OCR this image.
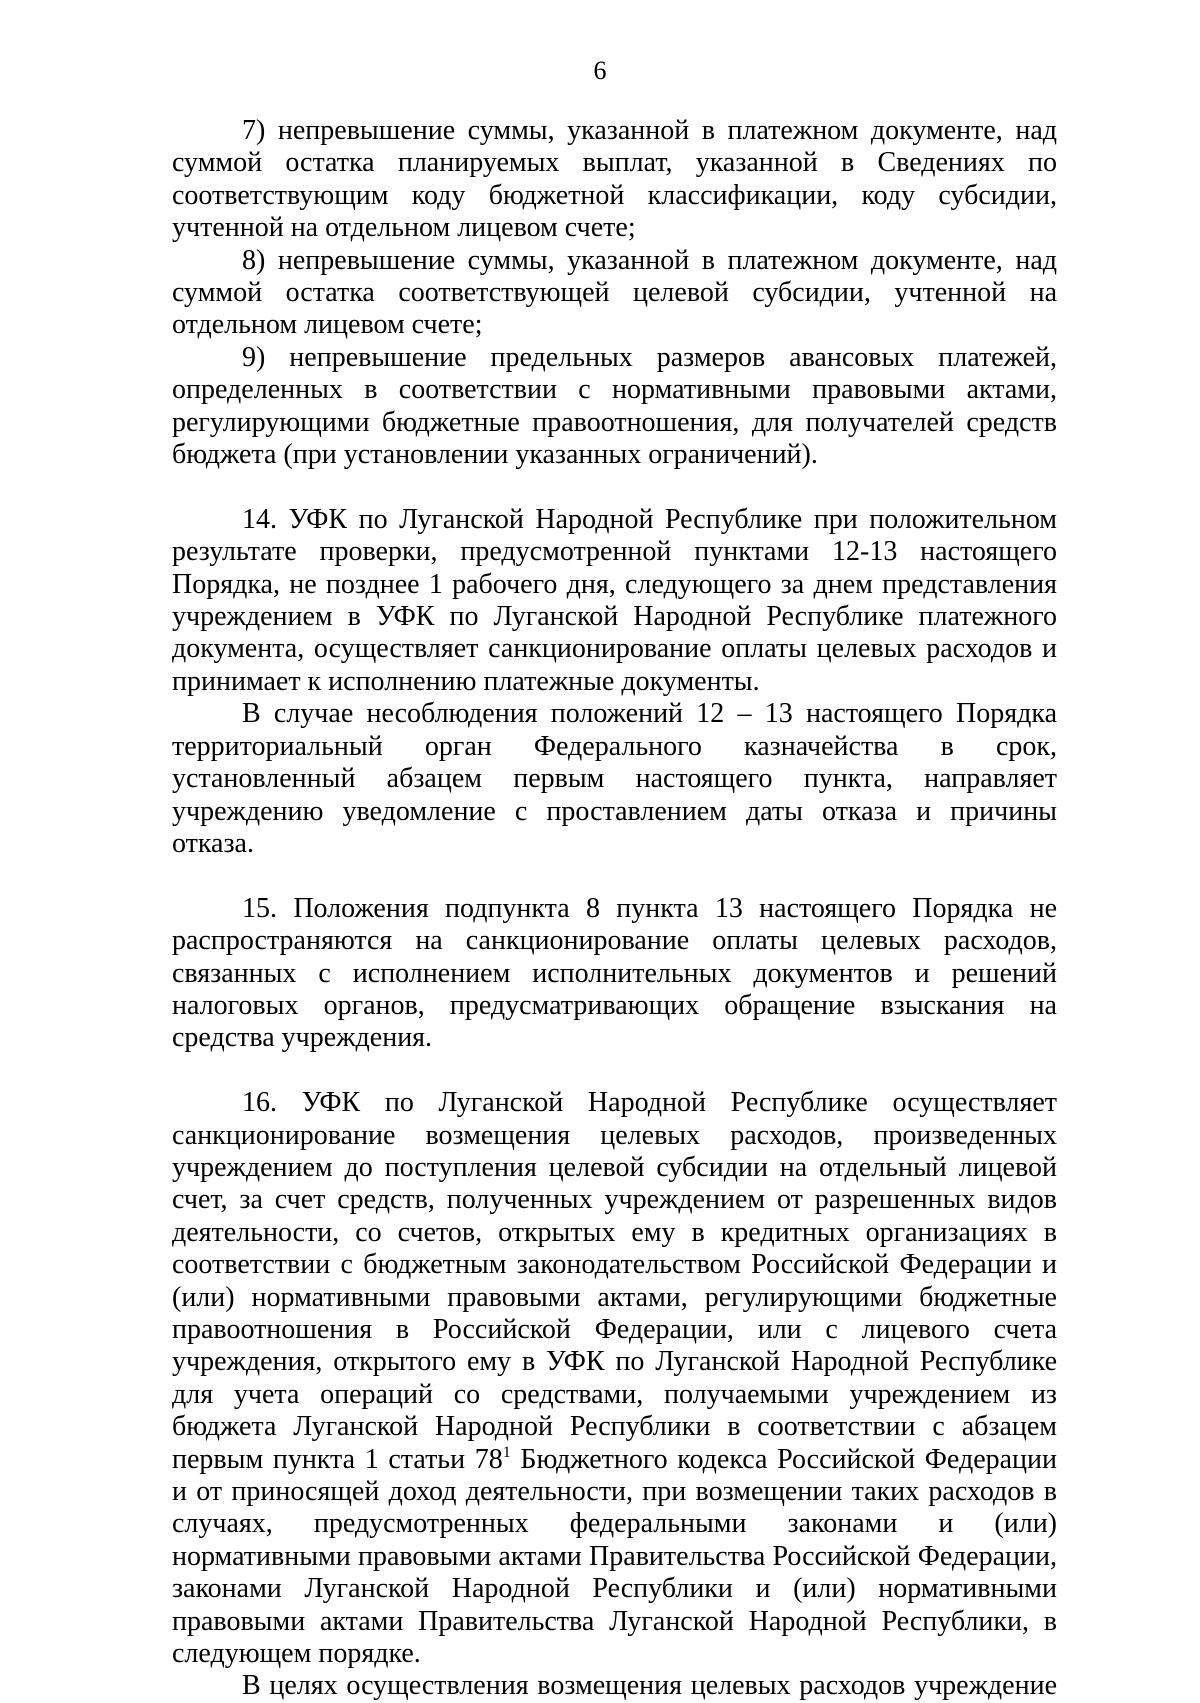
6

7) непревышение суммы, указанной в платежном документе, над суммой остатка планируемых выплат, указанной в Сведениях по соответствующим коду бюджетной классификации, коду субсидии, учтенной на отдельном лицевом счете;

8) непревышение суммы, указанной в платежном документе, над суммой остатка соответствующей целевой субсидии, учтенной на отдельном лицевом счете;

9) непревышение предельных размеров авансовых платежей, определенных в соответствии с нормативными правовыми актами, регулирующими бюджетные правоотношения, для получателей средств бюджета (при установлении указанных ограничений).

14. УФК по Луганской Народной Республике при положительном результате проверки, предусмотренной пунктами 12-13 настоящего Порядка, не позднее 1 рабочего дня, следующего за днем представления учреждением в УФК по Луганской Народной Республике платежного документа, осуществляет санкционирование оплаты целевых расходов и принимает к исполнению платежные документы.

В случае несоблюдения положений 12 – 13 настоящего Порядка территориальный орган Федерального казначейства в срок, установленный абзацем первым настоящего пункта, направляет учреждению уведомление с проставлением даты отказа и причины отказа.

15. Положения подпункта 8 пункта 13 настоящего Порядка не распространяются на санкционирование оплаты целевых расходов, связанных с исполнением исполнительных документов и решений налоговых органов, предусматривающих обращение взыскания на средства учреждения.

16. УФК по Луганской Народной Республике осуществляет санкционирование возмещения целевых расходов, произведенных учреждением до поступления целевой субсидии на отдельный лицевой счет, за счет средств, полученных учреждением от разрешенных видов деятельности, со счетов, открытых ему в кредитных организациях в соответствии с бюджетным законодательством Российской Федерации и (или) нормативными правовыми актами, регулирующими бюджетные правоотношения в Российской Федерации, или с лицевого счета учреждения, открытого ему в УФК по Луганской Народной Республике для учета операций со средствами, получаемыми учреждением из бюджета Луганской Народной Республики в соответствии с абзацем первым пункта 1 статьи $78^1$ Бюджетного кодекса Российской Федерации и от приносящей доход деятельности, при возмещении таких расходов в случаях, предусмотренных федеральными законами и (или) нормативными правовыми актами Правительства Российской Федерации, законами Луганской Народной Республики и (или) нормативными правовыми актами Правительства Луганской Народной Республики, в следующем порядке.

В целях осуществления возмещения целевых расходов учреждение
